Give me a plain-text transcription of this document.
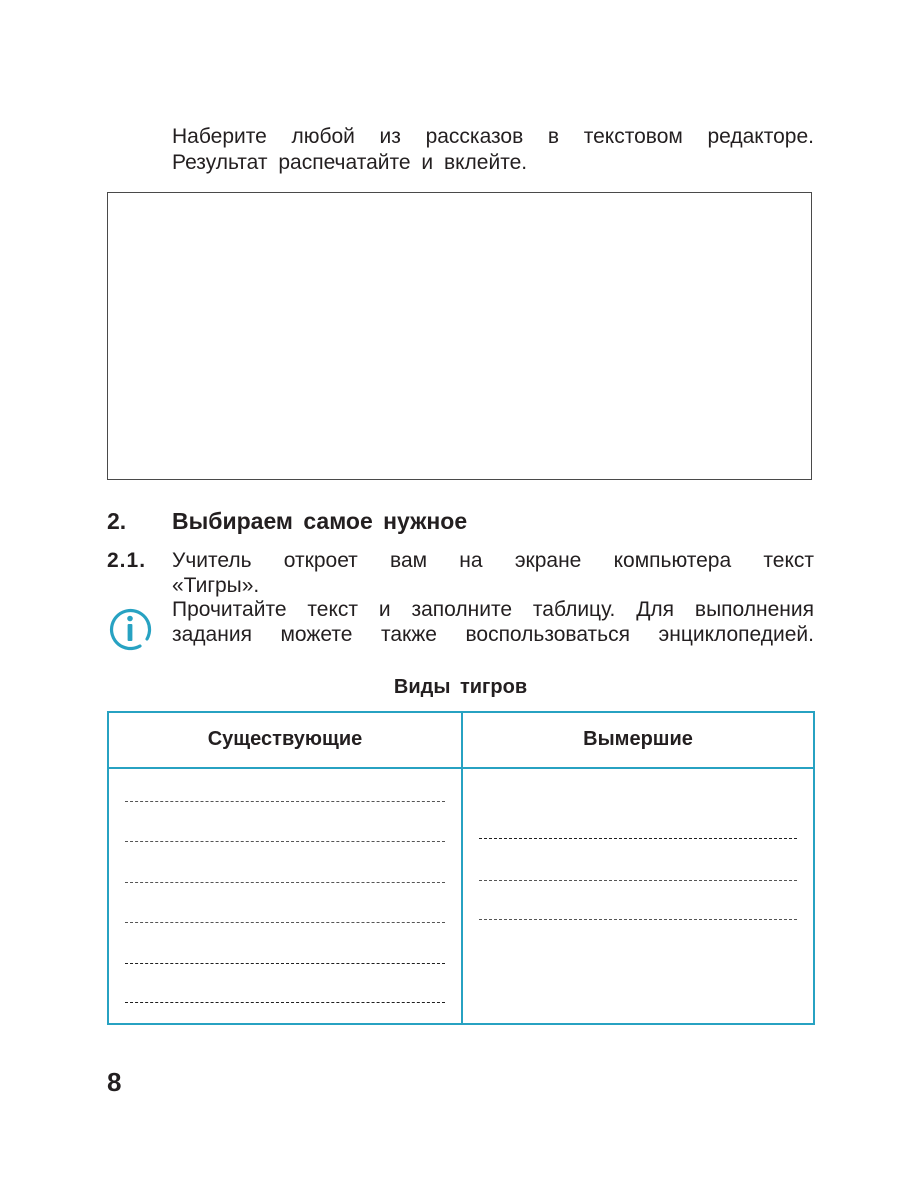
Наберите любой из рассказов в текстовом редакторе.
Результат распечатайте и вклейте.
2. Выбираем самое нужное
2.1. Учитель откроет вам на экране компьютера текст
«Тигры».
Прочитайте текст и заполните таблицу. Для выполнения
задания можете также воспользоваться энциклопедией.
Виды тигров
Существующие	Вымершие
8
